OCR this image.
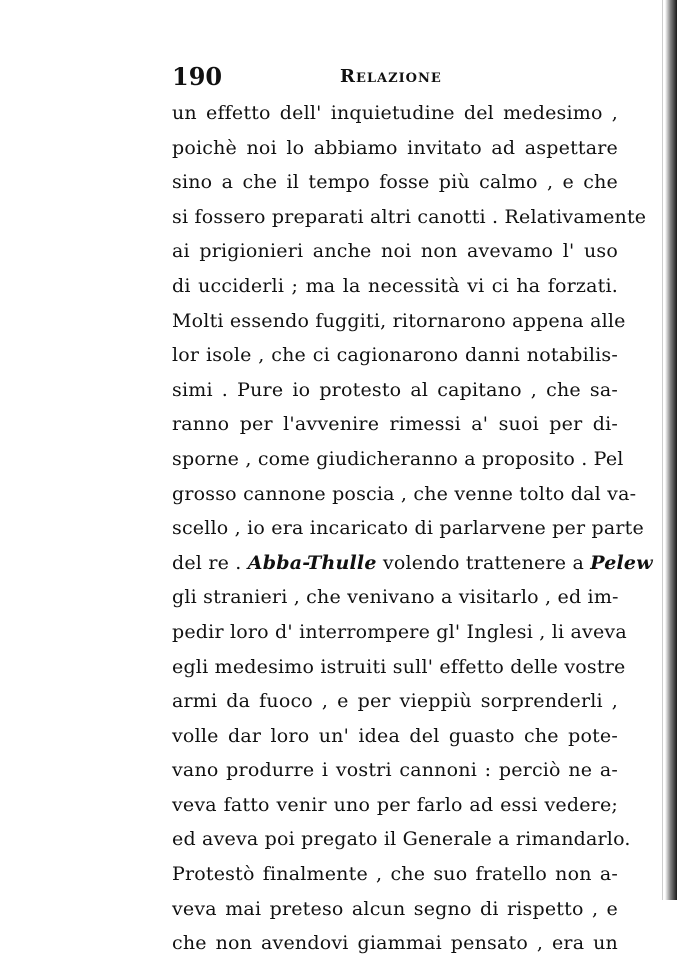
190	Relazione
un effetto dell' inquietudine del medesimo ,
poichè noi lo abbiamo invitato ad aspettare
sino a che il tempo fosse più calmo , e che
si fossero preparati altri canotti . Relativamente
ai prigionieri anche noi non avevamo l' uso
di ucciderli ; ma la necessità vi ci ha forzati.
Molti essendo fuggiti, ritornarono appena alle
lor isole , che ci cagionarono danni notabilis-
simi . Pure io protesto al capitano , che sa-
ranno per l'avvenire rimessi a' suoi per di-
sporne , come giudicheranno a proposito . Pel
grosso cannone poscia , che venne tolto dal va-
scello , io era incaricato di parlarvene per parte
del re . Abba-Thulle volendo trattenere a Pelew
gli stranieri , che venivano a visitarlo , ed im-
pedir loro d' interrompere gl' Inglesi , li aveva
egli medesimo istruiti sull' effetto delle vostre
armi da fuoco , e per vieppiù sorprenderli ,
volle dar loro un' idea del guasto che pote-
vano produrre i vostri cannoni : perciò ne a-
veva fatto venir uno per farlo ad essi vedere;
ed aveva poi pregato il Generale a rimandarlo.
Protestò finalmente , che suo fratello non a-
veva mai preteso alcun segno di rispetto , e
che non avendovi giammai pensato , era un
